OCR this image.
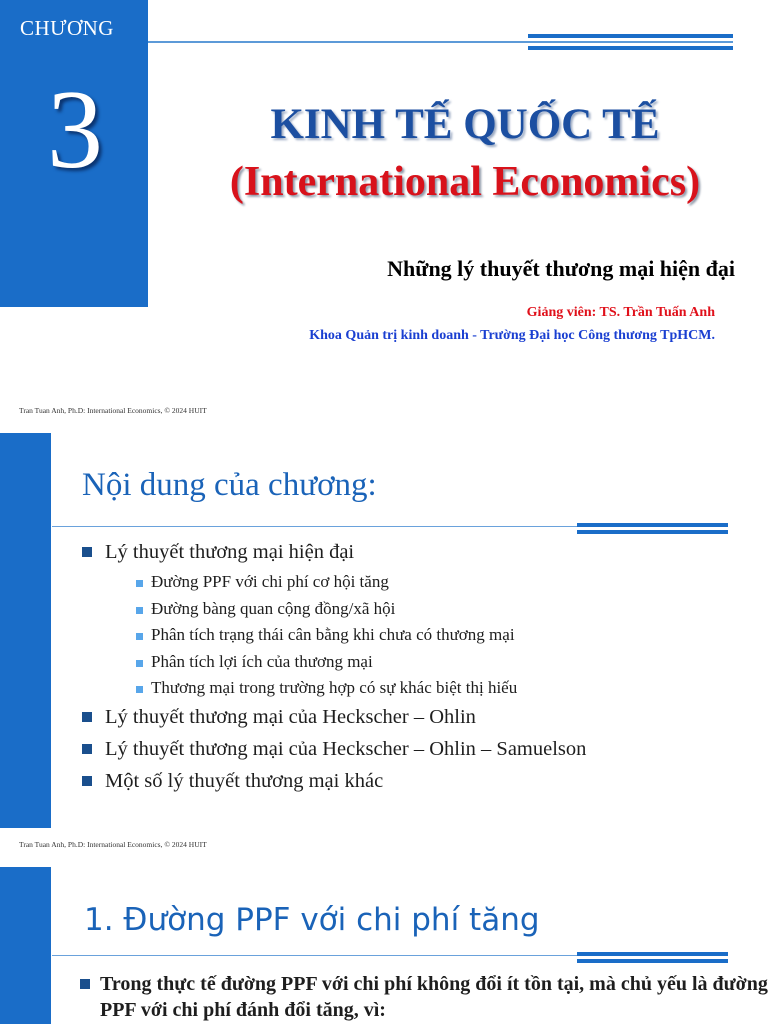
CHƯƠNG
3	KINH TẾ QUỐC TẾ
(International Economics)
Những lý thuyết thương mại hiện đại
Giảng viên: TS. Trần Tuấn Anh
Khoa Quản trị kinh doanh - Trường Đại học Công thương TpHCM.
Tran Tuan Anh, Ph.D: International Economics, © 2024 HUIT
Nội dung của chương:
Lý thuyết thương mại hiện đại
Đường PPF với chi phí cơ hội tăng
Đường bàng quan cộng đồng/xã hội
Phân tích trạng thái cân bằng khi chưa có thương mại
Phân tích lợi ích của thương mại
Thương mại trong trường hợp có sự khác biệt thị hiếu
Lý thuyết thương mại của Heckscher – Ohlin
Lý thuyết thương mại của Heckscher – Ohlin – Samuelson
Một số lý thuyết thương mại khác
Tran Tuan Anh, Ph.D: International Economics, © 2024 HUIT
1. Đường PPF với chi phí tăng
Trong thực tế đường PPF với chi phí không đổi ít tồn tại, mà chủ yếu là đường PPF với chi phí đánh đổi tăng, vì:
